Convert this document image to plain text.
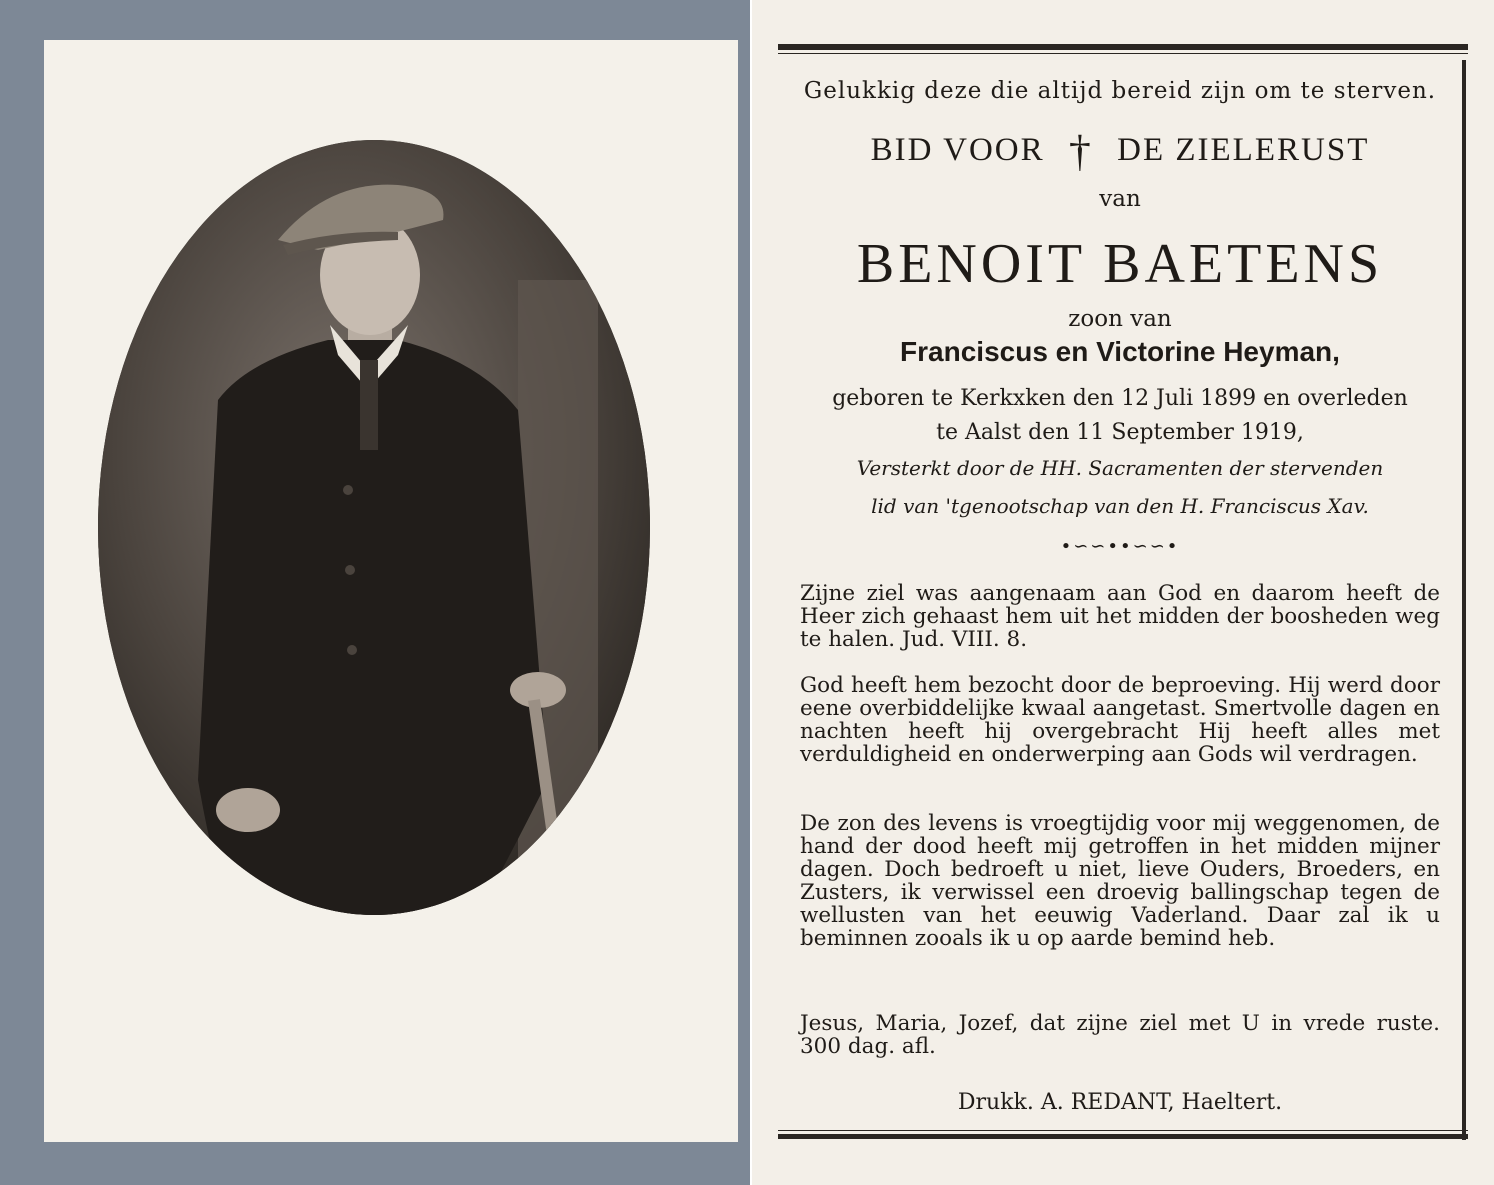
Gelukkig deze die altijd bereid zijn om te sterven.
BID VOOR † DE ZIELERUST
van
BENOIT BAETENS
zoon van
Franciscus en Victorine Heyman,
geboren te Kerkxken den 12 Juli 1899 en overleden
te Aalst den 11 September 1919,
Versterkt door de HH. Sacramenten der stervenden
lid van 'tgenootschap van den H. Franciscus Xav.
•∽∽••∽∽•
Zijne ziel was aangenaam aan God en daarom heeft de Heer zich gehaast hem uit het midden der boosheden weg te halen. Jud. VIII. 8.
God heeft hem bezocht door de beproeving. Hij werd door eene overbiddelijke kwaal aangetast. Smertvolle dagen en nachten heeft hij overgebracht Hij heeft alles met verduldigheid en onderwerping aan Gods wil verdragen.
De zon des levens is vroegtijdig voor mij weggenomen, de hand der dood heeft mij getroffen in het midden mijner dagen. Doch bedroeft u niet, lieve Ouders, Broeders, en Zusters, ik verwissel een droevig ballingschap tegen de wellusten van het eeuwig Vaderland. Daar zal ik u beminnen zooals ik u op aarde bemind heb.
Jesus, Maria, Jozef, dat zijne ziel met U in vrede ruste. 300 dag. afl.
Drukk. A. REDANT, Haeltert.
